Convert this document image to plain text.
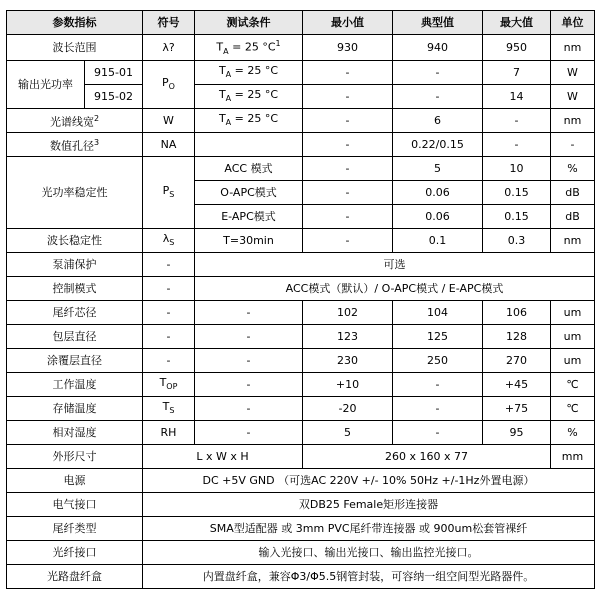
参数指标		符号	测试条件	最小值	典型值	最大值	单位
波长范围		λ?	$T_A = 25$ $^\circ C^1$	930	940	950	nm
输出光功率	915-01	$P_O$	$T_A = 25$ °C	-	-	7	W
	915-02		$T_A = 25$ °C	-	-	14	W
光谱线宽$^2$		W	$T_A = 25$ °C	-	6	-	nm
数值孔径$^3$		NA		-	0.22/0.15	-	-
光功率稳定性		$P_S$	ACC 模式	-	5	10	%
			O-APC模式	-	0.06	0.15	dB
			E-APC模式	-	0.06	0.15	dB
波长稳定性		$\lambda_S$	T=30min	-	0.1	0.3	nm
泵浦保护		-	可选				
控制模式		-	ACC模式（默认）/ O-APC模式 / E-APC模式				
尾纤芯径		-	-	102	104	106	um
包层直径		-	-	123	125	128	um
涂覆层直径		-	-	230	250	270	um
工作温度		$T_{OP}$	-	+10	-	+45	℃
存储温度		$T_S$	-	-20	-	+75	℃
相对湿度		RH	-	5	-	95	%
外形尺寸		L x W x H		260 x 160 x 77			mm
电源		DC +5V GND （可选AC 220V +/- 10% 50Hz +/-1Hz外置电源）					
电气接口		双DB25 Female矩形连接器					
尾纤类型		SMA型适配器 或 3mm PVC尾纤带连接器 或 900um松套管裸纤					
光纤接口		输入光接口、输出光接口、输出监控光接口。					
光路盘纤盒		内置盘纤盒，兼容Φ3/Φ5.5钢管封装，可容纳一组空间型光路器件。					
